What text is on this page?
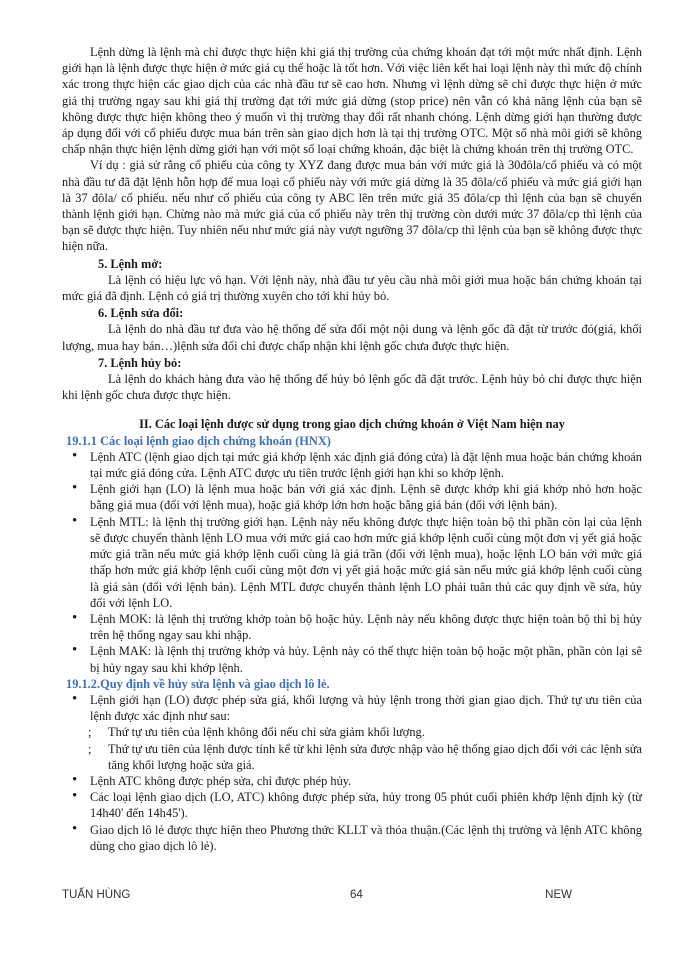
Lệnh dừng là lệnh mà chỉ được thực hiện khi giá thị trường của chứng khoán đạt tới một mức nhất định. Lệnh giới hạn là lệnh được thực hiện ở mức giá cụ thể hoặc là tốt hơn. Với việc liên kết hai loại lệnh này thì mức độ chính xác trong thực hiện các giao dịch của các nhà đầu tư sẽ cao hơn. Nhưng vì lệnh dừng sẽ chỉ được thực hiện ở mức giá thị trường ngay sau khi giá thị trường đạt tới mức giá dừng (stop price) nên vẫn có khả năng lệnh của bạn sẽ không được thực hiện không theo ý muốn vì thị trường thay đổi rất nhanh chóng. Lệnh dừng giới hạn thường được áp dụng đối với cổ phiếu được mua bán trên sàn giao dịch hơn là tại thị trường OTC. Một số nhà môi giới sẽ không chấp nhận thực hiện lệnh dừng giới hạn với một số loại chứng khoán, đặc biệt là chứng khoán trên thị trường OTC.

Ví dụ : giả sử rằng cổ phiếu của công ty XYZ đang được mua bán với mức giá là 30đôla/cổ phiếu và có một nhà đầu tư đã đặt lệnh hỗn hợp để mua loại cổ phiếu này với mức giá dừng là 35 đôla/cổ phiếu và mức giá giới hạn là 37 đôla/ cổ phiếu. nếu như cổ phiếu của công ty ABC lên trên mức giá 35 đôla/cp thì lệnh của bạn sẽ chuyển thành lệnh giới hạn. Chừng nào mà mức giá của cổ phiếu này trên thị trường còn dưới mức 37 đôla/cp thì lệnh của bạn sẽ được thực hiện. Tuy nhiên nếu như mức giá này vượt ngưỡng 37 đôla/cp thì lệnh của bạn sẽ không được thực hiện nữa.

5. Lệnh mở:

Là lệnh có hiệu lực vô hạn. Với lệnh này, nhà đầu tư yêu cầu nhà môi giới mua hoặc bán chứng khoán tại mức giá đã định. Lệnh có giá trị thường xuyên cho tới khi hủy bỏ.

6. Lệnh sửa đổi:

Là lệnh do nhà đầu tư đưa vào hệ thống để sửa đổi một nội dung và lệnh gốc đã đặt từ trước đó(giá, khối lượng, mua hay bán…)lệnh sửa đổi chỉ được chấp nhận khi lệnh gốc chưa được thực hiện.

7. Lệnh hủy bỏ:

Là lệnh do khách hàng đưa vào hệ thống để hủy bỏ lệnh gốc đã đặt trước. Lệnh hủy bỏ chỉ được thực hiện khi lệnh gốc chưa được thực hiện.

II. Các loại lệnh được sử dụng trong giao dịch chứng khoán ở Việt Nam hiện nay

19.1.1 Các loại lệnh giao dịch chứng khoán (HNX)

• Lệnh ATC (lệnh giao dịch tại mức giá khớp lệnh xác định giá đóng cửa) là đặt lệnh mua hoặc bán chứng khoán tại mức giá đóng cửa. Lệnh ATC được ưu tiên trước lệnh giới hạn khi so khớp lệnh.
• Lệnh giới hạn (LO) là lệnh mua hoặc bán với giá xác định. Lệnh sẽ được khớp khi giá khớp nhỏ hơn hoặc bằng giá mua (đối với lệnh mua), hoặc giá khớp lớn hơn hoặc bằng giá bán (đối với lệnh bán).
• Lệnh MTL: là lệnh thị trường giới hạn. Lệnh này nếu không được thực hiện toàn bộ thì phần còn lại của lệnh sẽ được chuyển thành lệnh LO mua với mức giá cao hơn mức giá khớp lệnh cuối cùng một đơn vị yết giá hoặc mức giá trần nếu mức giá khớp lệnh cuối cùng là giá trần (đối với lệnh mua), hoặc lệnh LO bán với mức giá thấp hơn mức giá khớp lệnh cuối cùng một đơn vị yết giá hoặc mức giá sàn nếu mức giá khớp lệnh cuối cùng là giá sàn (đối với lệnh bán). Lệnh MTL được chuyển thành lệnh LO phải tuân thủ các quy định về sửa, hủy đối với lệnh LO.
• Lệnh MOK: là lệnh thị trường khớp toàn bộ hoặc hủy. Lệnh này nếu không được thực hiện toàn bộ thì bị hủy trên hệ thống ngay sau khi nhập.
• Lệnh MAK: là lệnh thị trường khớp và hủy. Lệnh này có thể thực hiện toàn bộ hoặc một phần, phần còn lại sẽ bị hủy ngay sau khi khớp lệnh.

19.1.2.Quy định về hủy sửa lệnh và giao dịch lô lẻ.

• Lệnh giới hạn (LO) được phép sửa giá, khối lượng và hủy lệnh trong thời gian giao dịch. Thứ tự ưu tiên của lệnh được xác định như sau:
; Thứ tự ưu tiên của lệnh không đổi nếu chỉ sửa giảm khối lượng.
; Thứ tự ưu tiên của lệnh được tính kể từ khi lệnh sửa được nhập vào hệ thống giao dịch đối với các lệnh sửa tăng khối lượng hoặc sửa giá.
• Lệnh ATC không được phép sửa, chỉ được phép hủy.
• Các loại lệnh giao dịch (LO, ATC) không được phép sửa, hủy trong 05 phút cuối phiên khớp lệnh định kỳ (từ 14h40' đến 14h45').
• Giao dịch lô lẻ được thực hiện theo Phương thức KLLT và thỏa thuận.(Các lệnh thị trường và lệnh ATC không dùng cho giao dịch lô lẻ).
TUẤN HÙNG	64	NEW
